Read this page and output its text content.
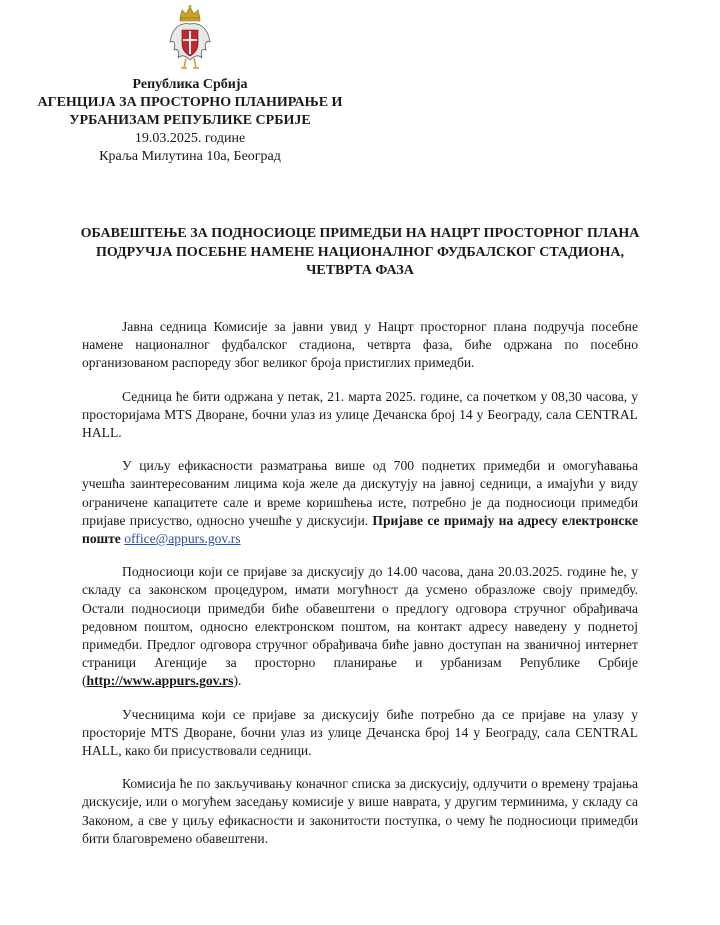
Република Србија
АГЕНЦИЈА ЗА ПРОСТОРНО ПЛАНИРАЊЕ И
УРБАНИЗАМ РЕПУБЛИКЕ СРБИЈЕ
19.03.2025. године
Краља Милутина 10а, Београд
ОБАВЕШТЕЊЕ ЗА ПОДНОСИОЦЕ ПРИМЕДБИ НА НАЦРТ ПРОСТОРНОГ ПЛАНА ПОДРУЧЈА ПОСЕБНЕ НАМЕНЕ НАЦИОНАЛНОГ ФУДБАЛСКОГ СТАДИОНА, ЧЕТВРТА ФАЗА

Јавна седница Комисије за јавни увид у Нацрт просторног плана подручја посебне намене националног фудбалског стадиона, четврта фаза, биће одржана по посебно организованом распореду због великог броја пристиглих примедби.

Седница ће бити одржана у петак, 21. марта 2025. године, са почетком у 08,30 часова, у просторијама MTS Дворане, бочни улаз из улице Дечанска број 14 у Београду, сала CENTRAL HALL.

У циљу ефикасности разматрања више од 700 поднетих примедби и омогућавања учешћа заинтересованим лицима која желе да дискутују на јавној седници, а имајући у виду ограничене капацитете сале и време коришћења исте, потребно је да подносиоци примедби пријаве присуство, односно учешће у дискусији. Пријаве се примају на адресу електронске поште office@appurs.gov.rs

Подносиоци који се пријаве за дискусију до 14.00 часова, дана 20.03.2025. године ће, у складу са законском процедуром, имати могућност да усмено образложе своју примедбу. Остали подносиоци примедби биће обавештени о предлогу одговора стручног обрађивача редовном поштом, односно електронском поштом, на контакт адресу наведену у поднетој примедби. Предлог одговора стручног обрађивача биће јавно доступан на званичној интернет страници Агенције за просторно планирање и урбанизам Републике Србије (http://www.appurs.gov.rs).

Учесницима који се пријаве за дискусију биће потребно да се пријаве на улазу у просторије MTS Дворане, бочни улаз из улице Дечанска број 14 у Београду, сала CENTRAL HALL, како би присуствовали седници.

Комисија ће по закључивању коначног списка за дискусију, одлучити о времену трајања дискусије, или о могућем заседању комисије у више наврата, у другим терминима, у складу са Законом, а све у циљу ефикасности и законитости поступка, о чему ће подносиоци примедби бити благовремено обавештени.
